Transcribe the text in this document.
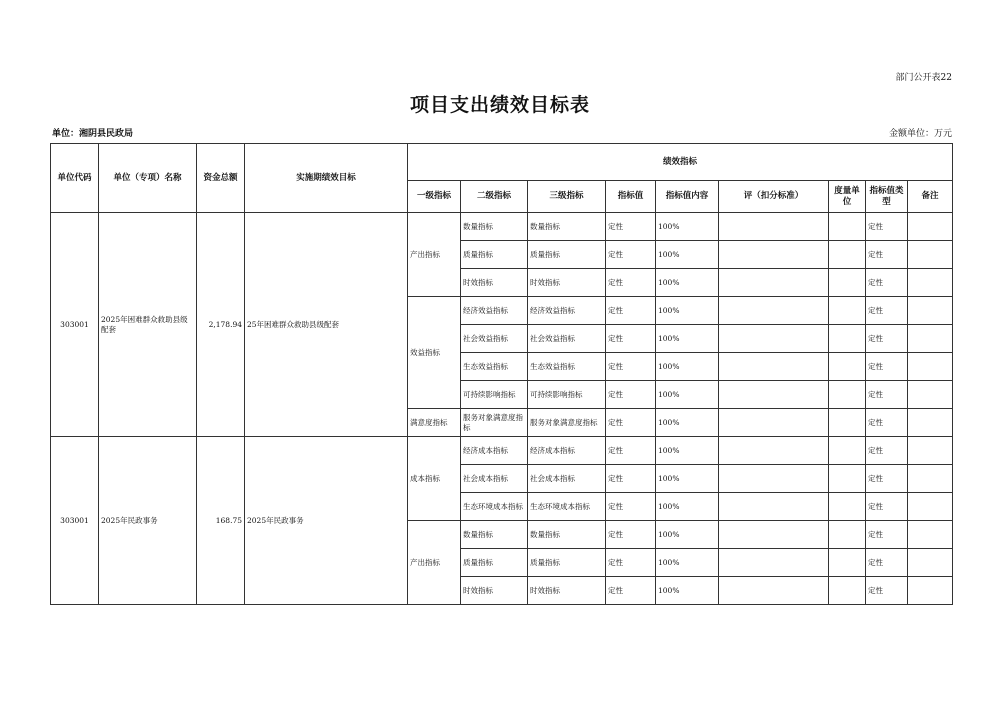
部门公开表22
项目支出绩效目标表
单位：湘阴县民政局	金额单位：万元
单位代码	单位（专项）名称	资金总额	实施期绩效目标	绩效指标								
				一级指标	二级指标	三级指标	指标值	指标值内容	评（扣分标准）	度量单位	指标值类型	备注
303001	2025年困难群众救助县级配套	2,178.94	25年困难群众救助县级配套	产出指标	数量指标	数量指标	定性	100%			定性	
					质量指标	质量指标	定性	100%			定性	
					时效指标	时效指标	定性	100%			定性	
				效益指标	经济效益指标	经济效益指标	定性	100%			定性	
					社会效益指标	社会效益指标	定性	100%			定性	
					生态效益指标	生态效益指标	定性	100%			定性	
					可持续影响指标	可持续影响指标	定性	100%			定性	
				满意度指标	服务对象满意度指标	服务对象满意度指标	定性	100%			定性	
303001	2025年民政事务	168.75	2025年民政事务	成本指标	经济成本指标	经济成本指标	定性	100%			定性	
					社会成本指标	社会成本指标	定性	100%			定性	
					生态环境成本指标	生态环境成本指标	定性	100%			定性	
				产出指标	数量指标	数量指标	定性	100%			定性	
					质量指标	质量指标	定性	100%			定性	
					时效指标	时效指标	定性	100%			定性	
